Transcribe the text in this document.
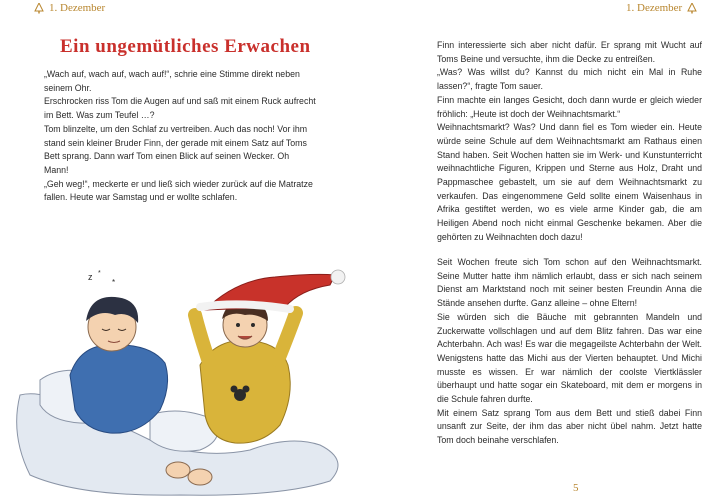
1. Dezember	1. Dezember
Ein ungemütliches Erwachen

„Wach auf, wach auf, wach auf!“, schrie eine Stimme direkt neben seinem Ohr.

Erschrocken riss Tom die Augen auf und saß mit einem Ruck aufrecht im Bett. Was zum Teufel …?

Tom blinzelte, um den Schlaf zu vertreiben. Auch das noch! Vor ihm stand sein kleiner Bruder Finn, der gerade mit einem Satz auf Toms Bett sprang. Dann warf Tom einen Blick auf seinen Wecker. Oh Mann!

„Geh weg!“, meckerte er und ließ sich wieder zurück auf die Matratze fallen. Heute war Samstag und er wollte schlafen.

z *
*

Finn interessierte sich aber nicht dafür. Er sprang mit Wucht auf Toms Beine und versuchte, ihm die Decke zu entreißen.

„Was? Was willst du? Kannst du mich nicht ein Mal in Ruhe lassen?“, fragte Tom sauer.

Finn machte ein langes Gesicht, doch dann wurde er gleich wieder fröhlich: „Heute ist doch der Weihnachtsmarkt.“

Weihnachtsmarkt? Was? Und dann fiel es Tom wieder ein. Heute würde seine Schule auf dem Weihnachtsmarkt am Rathaus einen Stand haben. Seit Wochen hatten sie im Werk- und Kunstunterricht weihnachtliche Figuren, Krippen und Sterne aus Holz, Draht und Pappmaschee gebastelt, um sie auf dem Weihnachtsmarkt zu verkaufen. Das eingenommene Geld sollte einem Waisenhaus in Afrika gestiftet werden, wo es viele arme Kinder gab, die am Heiligen Abend noch nicht einmal Geschenke bekamen. Aber die gehörten zu Weihnachten doch dazu!

Seit Wochen freute sich Tom schon auf den Weihnachtsmarkt. Seine Mutter hatte ihm nämlich erlaubt, dass er sich nach seinem Dienst am Marktstand noch mit seiner besten Freundin Anna die Stände ansehen durfte. Ganz alleine – ohne Eltern!

Sie würden sich die Bäuche mit gebrannten Mandeln und Zuckerwatte vollschlagen und auf dem Blitz fahren. Das war eine Achterbahn. Ach was! Es war die megageilste Achterbahn der Welt. Wenigstens hatte das Michi aus der Vierten behauptet. Und Michi musste es wissen. Er war nämlich der coolste Viertklässler überhaupt und hatte sogar ein Skateboard, mit dem er morgens in die Schule fahren durfte.

Mit einem Satz sprang Tom aus dem Bett und stieß dabei Finn unsanft zur Seite, der ihm das aber nicht übel nahm. Jetzt hatte Tom doch beinahe verschlafen.

5
